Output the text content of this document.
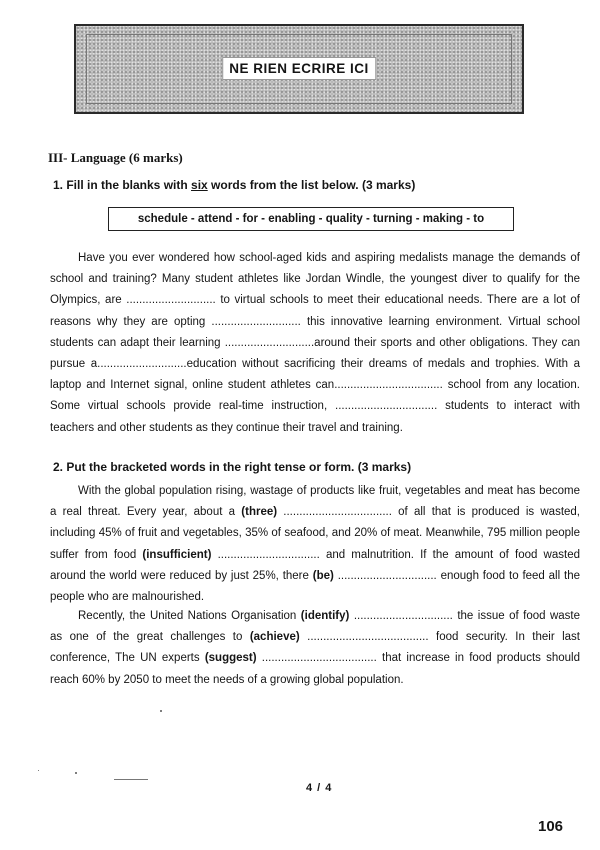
NE RIEN ECRIRE ICI
III- Language (6 marks)
1. Fill in the blanks with six words from the list below. (3 marks)
schedule - attend - for - enabling - quality - turning - making - to

Have you ever wondered how school-aged kids and aspiring medalists manage the demands of school and training? Many student athletes like Jordan Windle, the youngest diver to qualify for the Olympics, are ............................ to virtual schools to meet their educational needs. There are a lot of reasons why they are opting ............................ this innovative learning environment. Virtual school students can adapt their learning ............................around their sports and other obligations. They can pursue a............................education without sacrificing their dreams of medals and trophies. With a laptop and Internet signal, online student athletes can.................................. school from any location. Some virtual schools provide real-time instruction, ................................ students to interact with teachers and other students as they continue their travel and training.

2. Put the bracketed words in the right tense or form. (3 marks)

With the global population rising, wastage of products like fruit, vegetables and meat has become a real threat. Every year, about a (three) .................................. of all that is produced is wasted, including 45% of fruit and vegetables, 35% of seafood, and 20% of meat. Meanwhile, 795 million people suffer from food (insufficient) ................................ and malnutrition. If the amount of food wasted around the world were reduced by just 25%, there (be) ............................... enough food to feed all the people who are malnourished.

Recently, the United Nations Organisation (identify) ............................... the issue of food waste as one of the great challenges to (achieve) ...................................... food security. In their last conference, The UN experts (suggest) .................................... that increase in food products should reach 60% by 2050 to meet the needs of a growing global population.

4 / 4
106
